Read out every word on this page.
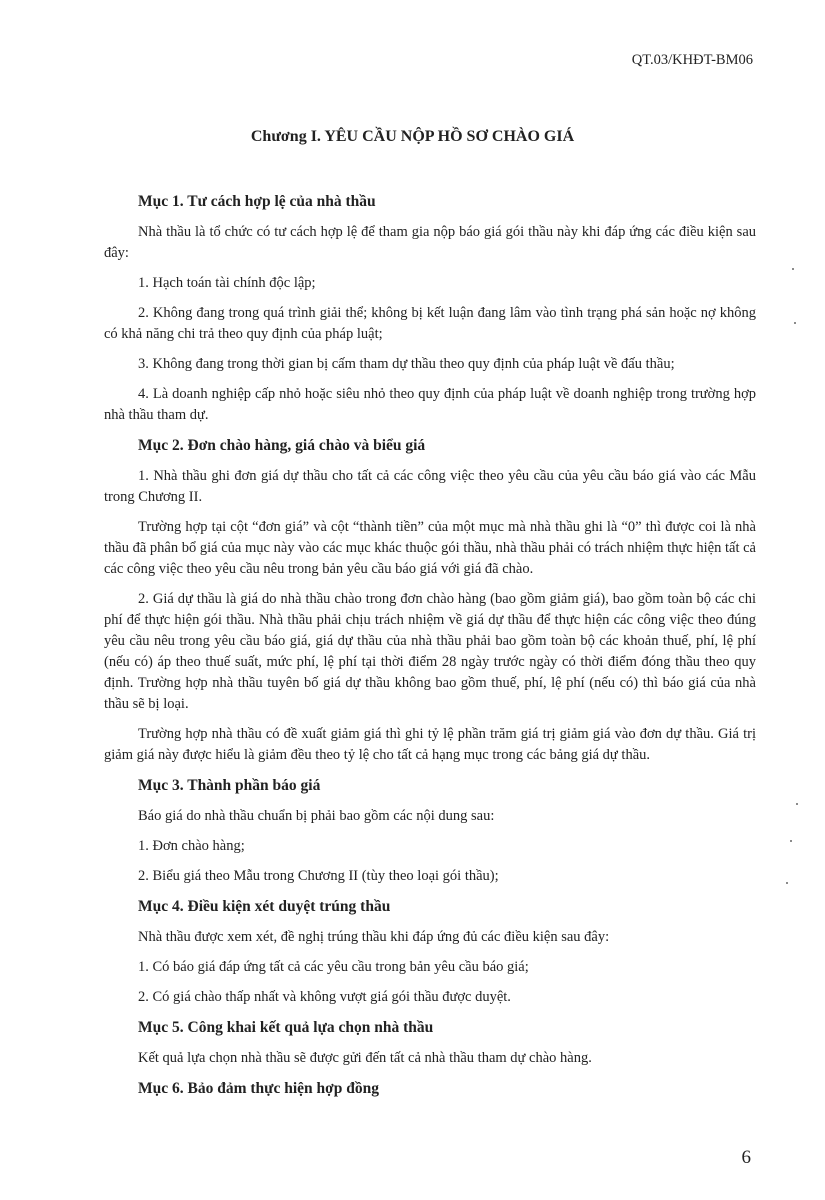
QT.03/KHĐT-BM06
Chương I. YÊU CẦU NỘP HỒ SƠ CHÀO GIÁ
Mục 1. Tư cách hợp lệ của nhà thầu

Nhà thầu là tổ chức có tư cách hợp lệ để tham gia nộp báo giá gói thầu này khi đáp ứng các điều kiện sau đây:

1. Hạch toán tài chính độc lập;

2. Không đang trong quá trình giải thể; không bị kết luận đang lâm vào tình trạng phá sản hoặc nợ không có khả năng chi trả theo quy định của pháp luật;

3. Không đang trong thời gian bị cấm tham dự thầu theo quy định của pháp luật về đấu thầu;

4. Là doanh nghiệp cấp nhỏ hoặc siêu nhỏ theo quy định của pháp luật về doanh nghiệp trong trường hợp nhà thầu tham dự.

Mục 2. Đơn chào hàng, giá chào và biểu giá

1. Nhà thầu ghi đơn giá dự thầu cho tất cả các công việc theo yêu cầu của yêu cầu báo giá vào các Mẫu trong Chương II.

Trường hợp tại cột “đơn giá” và cột “thành tiền” của một mục mà nhà thầu ghi là “0” thì được coi là nhà thầu đã phân bổ giá của mục này vào các mục khác thuộc gói thầu, nhà thầu phải có trách nhiệm thực hiện tất cả các công việc theo yêu cầu nêu trong bản yêu cầu báo giá với giá đã chào.

2. Giá dự thầu là giá do nhà thầu chào trong đơn chào hàng (bao gồm giảm giá), bao gồm toàn bộ các chi phí để thực hiện gói thầu. Nhà thầu phải chịu trách nhiệm về giá dự thầu để thực hiện các công việc theo đúng yêu cầu nêu trong yêu cầu báo giá, giá dự thầu của nhà thầu phải bao gồm toàn bộ các khoản thuế, phí, lệ phí (nếu có) áp theo thuế suất, mức phí, lệ phí tại thời điểm 28 ngày trước ngày có thời điểm đóng thầu theo quy định. Trường hợp nhà thầu tuyên bố giá dự thầu không bao gồm thuế, phí, lệ phí (nếu có) thì báo giá của nhà thầu sẽ bị loại.

Trường hợp nhà thầu có đề xuất giảm giá thì ghi tỷ lệ phần trăm giá trị giảm giá vào đơn dự thầu. Giá trị giảm giá này được hiểu là giảm đều theo tỷ lệ cho tất cả hạng mục trong các bảng giá dự thầu.

Mục 3. Thành phần báo giá

Báo giá do nhà thầu chuẩn bị phải bao gồm các nội dung sau:

1. Đơn chào hàng;

2. Biểu giá theo Mẫu trong Chương II (tùy theo loại gói thầu);

Mục 4. Điều kiện xét duyệt trúng thầu

Nhà thầu được xem xét, đề nghị trúng thầu khi đáp ứng đủ các điều kiện sau đây:

1. Có báo giá đáp ứng tất cả các yêu cầu trong bản yêu cầu báo giá;

2. Có giá chào thấp nhất và không vượt giá gói thầu được duyệt.

Mục 5. Công khai kết quả lựa chọn nhà thầu

Kết quả lựa chọn nhà thầu sẽ được gửi đến tất cả nhà thầu tham dự chào hàng.

Mục 6. Bảo đảm thực hiện hợp đồng
6
